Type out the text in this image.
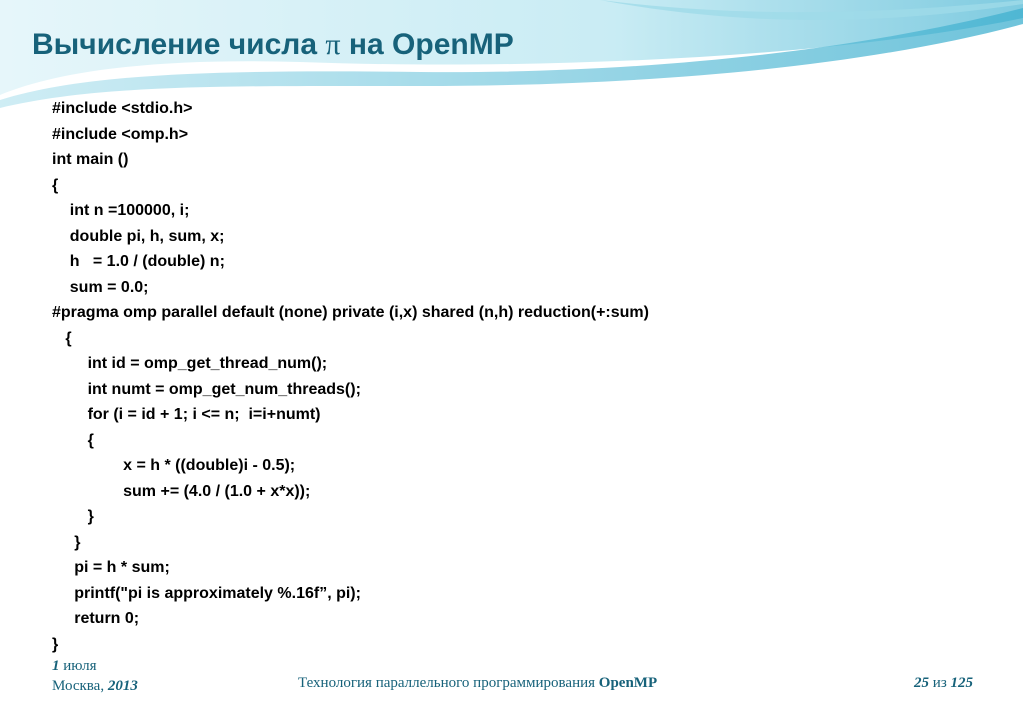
Вычисление числа π на OpenMP
#include <stdio.h>
#include <omp.h>
int main ()
{
int n =100000, i;
double pi, h, sum, x;
h   = 1.0 / (double) n;
sum = 0.0;
#pragma omp parallel default (none) private (i,x) shared (n,h) reduction(+:sum)
{
int id = omp_get_thread_num();
int numt = omp_get_num_threads();
for (i = id + 1; i <= n;  i=i+numt)
{
x = h * ((double)i - 0.5);
sum += (4.0 / (1.0 + x*x));
}
}
pi = h * sum;
printf("pi is approximately %.16f”, pi);
return 0;
}
1 июля
Москва, 2013	Технология параллельного программирования OpenMP	25 из 125
